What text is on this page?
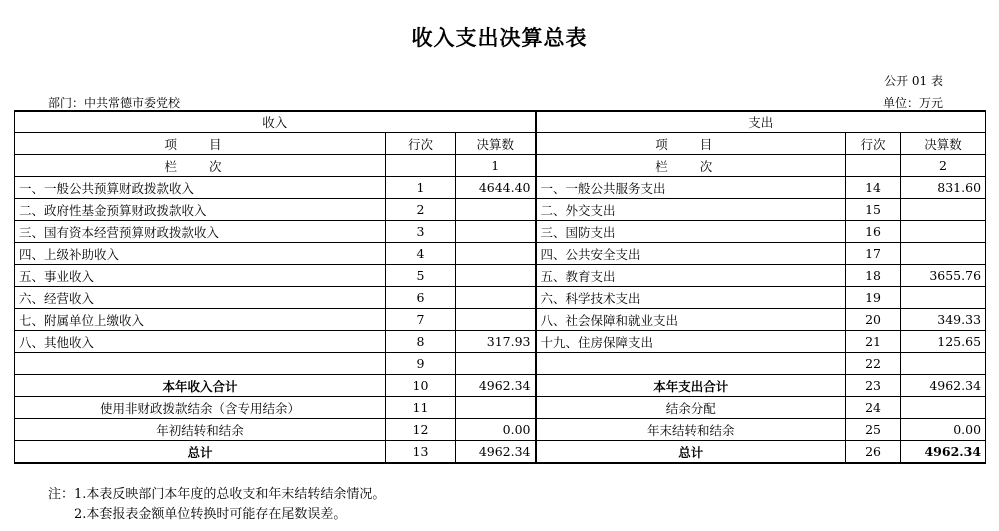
收入支出决算总表
公开 01 表
部门：中共常德市委党校	单位：万元
收入			支出		
项 目	行次	决算数	项 目	行次	决算数
栏 次		1	栏 次		2
一、一般公共预算财政拨款收入	1	4644.40	一、一般公共服务支出	14	831.60
二、政府性基金预算财政拨款收入	2		二、外交支出	15	
三、国有资本经营预算财政拨款收入	3		三、国防支出	16	
四、上级补助收入	4		四、公共安全支出	17	
五、事业收入	5		五、教育支出	18	3655.76
六、经营收入	6		六、科学技术支出	19	
七、附属单位上缴收入	7		八、社会保障和就业支出	20	349.33
八、其他收入	8	317.93	十九、住房保障支出	21	125.65
	9			22	
本年收入合计	10	4962.34	本年支出合计	23	4962.34
使用非财政拨款结余（含专用结余）	11		结余分配	24	
年初结转和结余	12	0.00	年末结转和结余	25	0.00
总计	13	4962.34	总计	26	4962.34
注：1.本表反映部门本年度的总收支和年末结转结余情况。
2.本套报表金额单位转换时可能存在尾数误差。
